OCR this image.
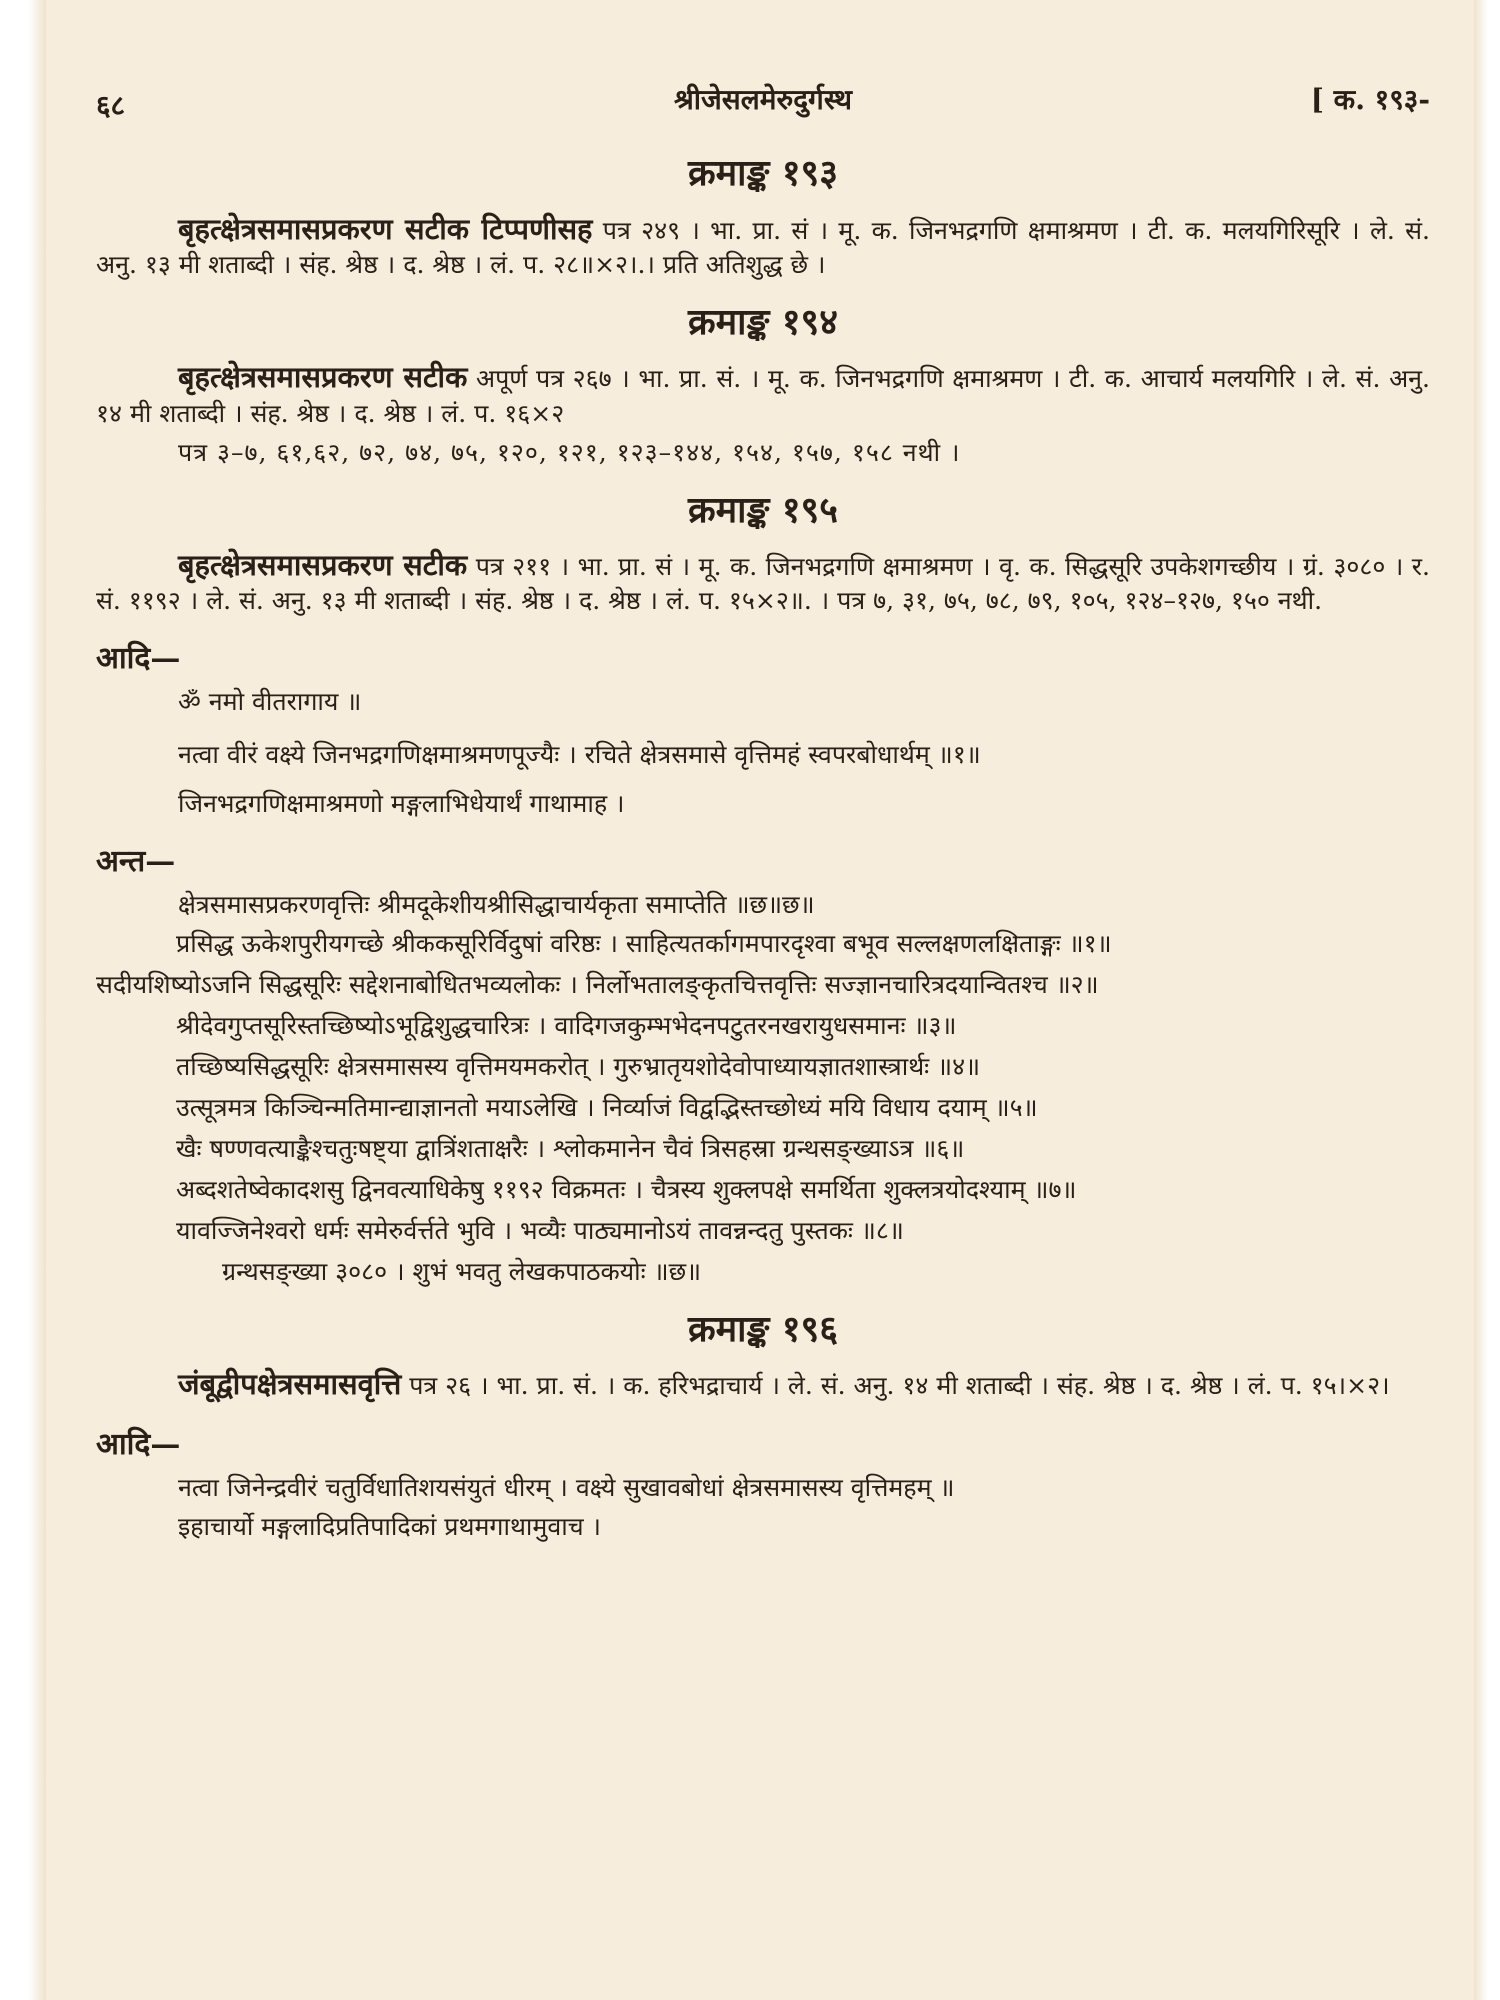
६८	श्रीजेसलमेरुदुर्गस्थ	[ क. १९३-
क्रमाङ्क १९३

बृहत्क्षेत्रसमासप्रकरण सटीक टिप्पणीसह पत्र २४९ । भा. प्रा. सं । मू. क. जिनभद्रगणि क्षमाश्रमण । टी. क. मलयगिरिसूरि । ले. सं. अनु. १३ मी शताब्दी । संह. श्रेष्ठ । द. श्रेष्ठ । लं. प. २८॥×२।.। प्रति अतिशुद्ध छे ।

क्रमाङ्क १९४

बृहत्क्षेत्रसमासप्रकरण सटीक अपूर्ण पत्र २६७ । भा. प्रा. सं. । मू. क. जिनभद्रगणि क्षमाश्रमण । टी. क. आचार्य मलयगिरि । ले. सं. अनु. १४ मी शताब्दी । संह. श्रेष्ठ । द. श्रेष्ठ । लं. प. १६×२

पत्र ३–७, ६१,६२, ७२, ७४, ७५, १२०, १२१, १२३–१४४, १५४, १५७, १५८ नथी ।
क्रमाङ्क १९५

बृहत्क्षेत्रसमासप्रकरण सटीक पत्र २११ । भा. प्रा. सं । मू. क. जिनभद्रगणि क्षमाश्रमण । वृ. क. सिद्धसूरि उपकेशगच्छीय । ग्रं. ३०८० । र. सं. ११९२ । ले. सं. अनु. १३ मी शताब्दी । संह. श्रेष्ठ । द. श्रेष्ठ । लं. प. १५×२॥. । पत्र ७, ३१, ७५, ७८, ७९, १०५, १२४–१२७, १५० नथी.

आदि—
ॐ नमो वीतरागाय ॥
नत्वा वीरं वक्ष्ये जिनभद्रगणिक्षमाश्रमणपूज्यैः । रचिते क्षेत्रसमासे वृत्तिमहं स्वपरबोधार्थम् ॥१॥
जिनभद्रगणिक्षमाश्रमणो मङ्गलाभिधेयार्थं गाथामाह ।
अन्त—
क्षेत्रसमासप्रकरणवृत्तिः श्रीमदूकेशीयश्रीसिद्धाचार्यकृता समाप्तेति ॥छ॥छ॥
प्रसिद्ध ऊकेशपुरीयगच्छे श्रीककसूरिर्विदुषां वरिष्ठः । साहित्यतर्कागमपारदृश्वा बभूव सल्लक्षणलक्षिताङ्गः ॥१॥
सदीयशिष्योऽजनि सिद्धसूरिः सद्देशनाबोधितभव्यलोकः । निर्लोभतालङ्कृतचित्तवृत्तिः सज्ज्ञानचारित्रदयान्वितश्च ॥२॥
श्रीदेवगुप्तसूरिस्तच्छिष्योऽभूद्विशुद्धचारित्रः । वादिगजकुम्भभेदनपटुतरनखरायुधसमानः ॥३॥
तच्छिष्यसिद्धसूरिः क्षेत्रसमासस्य वृत्तिमयमकरोत् । गुरुभ्रातृयशोदेवोपाध्यायज्ञातशास्त्रार्थः ॥४॥
उत्सूत्रमत्र किञ्चिन्मतिमान्द्याज्ञानतो मयाऽलेखि । निर्व्याजं विद्वद्भिस्तच्छोध्यं मयि विधाय दयाम् ॥५॥
खैः षण्णवत्याङ्कैश्चतुःषष्ट्या द्वात्रिंशताक्षरैः । श्लोकमानेन चैवं त्रिसहस्रा ग्रन्थसङ्ख्याऽत्र ॥६॥
अब्दशतेष्वेकादशसु द्विनवत्याधिकेषु ११९२ विक्रमतः । चैत्रस्य शुक्लपक्षे समर्थिता शुक्लत्रयोदश्याम् ॥७॥
यावज्जिनेश्वरो धर्मः समेरुर्वर्त्तते भुवि । भव्यैः पाठ्यमानोऽयं तावन्नन्दतु पुस्तकः ॥८॥
ग्रन्थसङ्ख्या ३०८० । शुभं भवतु लेखकपाठकयोः ॥छ॥
क्रमाङ्क १९६

जंबूद्वीपक्षेत्रसमासवृत्ति पत्र २६ । भा. प्रा. सं. । क. हरिभद्राचार्य । ले. सं. अनु. १४ मी शताब्दी । संह. श्रेष्ठ । द. श्रेष्ठ । लं. प. १५।×२।

आदि—
नत्वा जिनेन्द्रवीरं चतुर्विधातिशयसंयुतं धीरम् । वक्ष्ये सुखावबोधां क्षेत्रसमासस्य वृत्तिमहम् ॥
इहाचार्यो मङ्गलादिप्रतिपादिकां प्रथमगाथामुवाच ।
